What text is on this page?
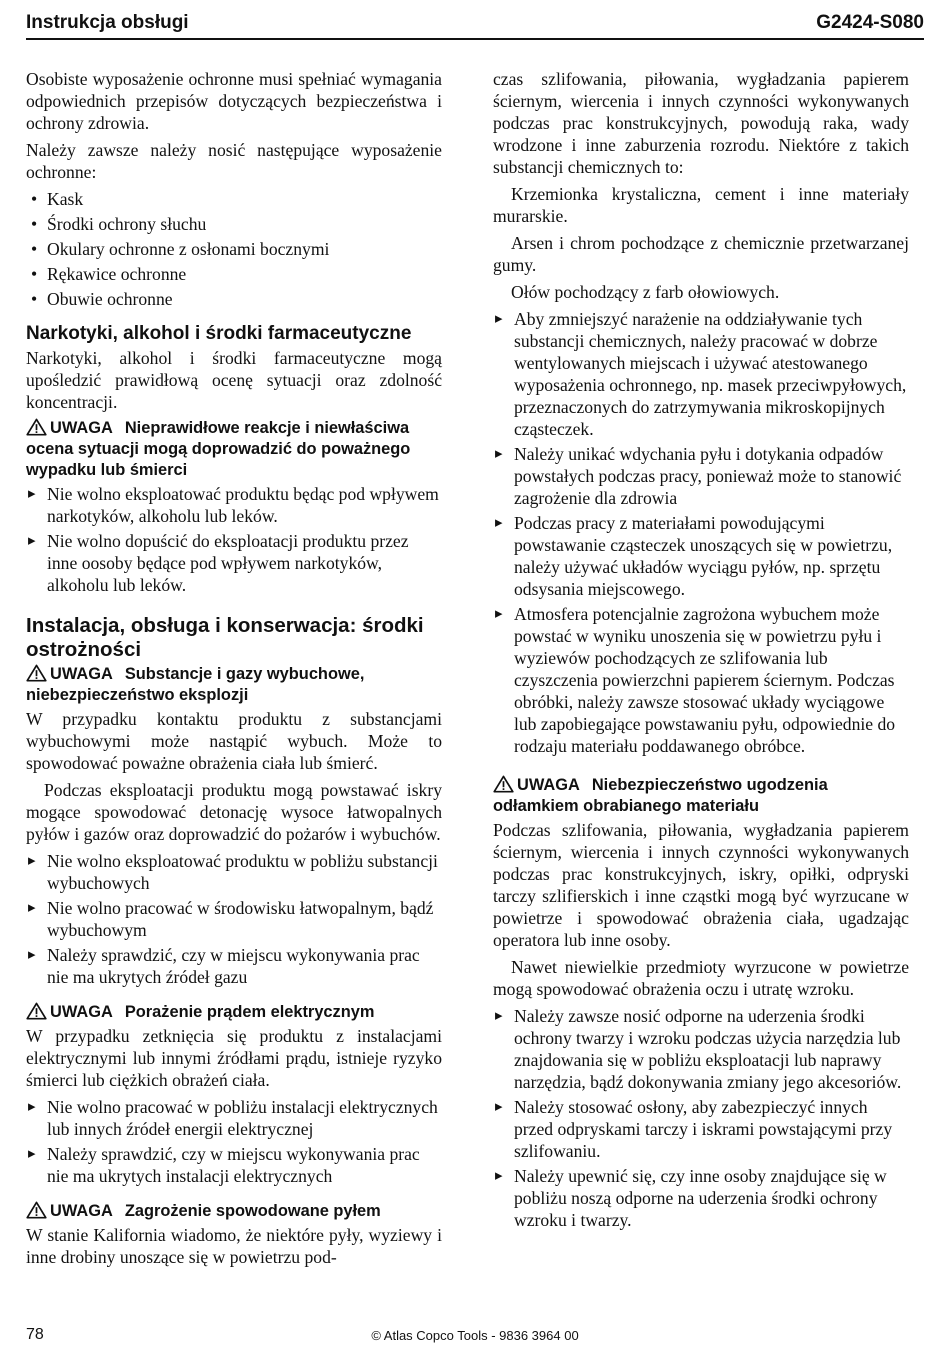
Instrukcja obsługi	G2424-S080

Osobiste wyposażenie ochronne musi spełniać wymagania odpowiednich przepisów dotyczących bezpieczeństwa i ochrony zdrowia.

Należy zawsze należy nosić następujące wyposażenie ochronne:

• Kask
• Środki ochrony słuchu
• Okulary ochronne z osłonami bocznymi
• Rękawice ochronne
• Obuwie ochronne
Narkotyki, alkohol i środki farmaceutyczne

Narkotyki, alkohol i środki farmaceutyczne mogą upośledzić prawidłową ocenę sytuacji oraz zdolność koncentracji.

UWAGA Nieprawidłowe reakcje i niewłaściwa ocena sytuacji mogą doprowadzić do poważnego wypadku lub śmierci
▸ Nie wolno eksploatować produktu będąc pod wpływem narkotyków, alkoholu lub leków.
▸ Nie wolno dopuścić do eksploatacji produktu przez inne oosoby będące pod wpływem narkotyków, alkoholu lub leków.
Instalacja, obsługa i konserwacja: środki ostrożności
UWAGA Substancje i gazy wybuchowe, niebezpieczeństwo eksplozji

W przypadku kontaktu produktu z substancjami wybuchowymi może nastąpić wybuch. Może to spowodować poważne obrażenia ciała lub śmierć.

Podczas eksploatacji produktu mogą powstawać iskry mogące spowodować detonację wysoce łatwopalnych pyłów i gazów oraz doprowadzić do pożarów i wybuchów.

▸ Nie wolno eksploatować produktu w pobliżu substancji wybuchowych
▸ Nie wolno pracować w środowisku łatwopalnym, bądź wybuchowym
▸ Należy sprawdzić, czy w miejscu wykonywania prac nie ma ukrytych źródeł gazu
UWAGA Porażenie prądem elektrycznym

W przypadku zetknięcia się produktu z instalacjami elektrycznymi lub innymi źródłami prądu, istnieje ryzyko śmierci lub ciężkich obrażeń ciała.

▸ Nie wolno pracować w pobliżu instalacji elektrycznych lub innych źródeł energii elektrycznej
▸ Należy sprawdzić, czy w miejscu wykonywania prac nie ma ukrytych instalacji elektrycznych
UWAGA Zagrożenie spowodowane pyłem

W stanie Kalifornia wiadomo, że niektóre pyły, wyziewy i inne drobiny unoszące się w powietrzu pod-

czas szlifowania, piłowania, wygładzania papierem ściernym, wiercenia i innych czynności wykonywanych podczas prac konstrukcyjnych, powodują raka, wady wrodzone i inne zaburzenia rozrodu. Niektóre z takich substancji chemicznych to:

Krzemionka krystaliczna, cement i inne materiały murarskie.

Arsen i chrom pochodzące z chemicznie przetwarzanej gumy.

Ołów pochodzący z farb ołowiowych.

▸ Aby zmniejszyć narażenie na oddziaływanie tych substancji chemicznych, należy pracować w dobrze wentylowanych miejscach i używać atestowanego wyposażenia ochronnego, np. masek przeciwpyłowych, przeznaczonych do zatrzymywania mikroskopijnych cząsteczek.
▸ Należy unikać wdychania pyłu i dotykania odpadów powstałych podczas pracy, ponieważ może to stanowić zagrożenie dla zdrowia
▸ Podczas pracy z materiałami powodującymi powstawanie cząsteczek unoszących się w powietrzu, należy używać układów wyciągu pyłów, np. sprzętu odsysania miejscowego.
▸ Atmosfera potencjalnie zagrożona wybuchem może powstać w wyniku unoszenia się w powietrzu pyłu i wyziewów pochodzących ze szlifowania lub czyszczenia powierzchni papierem ściernym. Podczas obróbki, należy zawsze stosować układy wyciągowe lub zapobiegające powstawaniu pyłu, odpowiednie do rodzaju materiału poddawanego obróbce.
UWAGA Niebezpieczeństwo ugodzenia odłamkiem obrabianego materiału

Podczas szlifowania, piłowania, wygładzania papierem ściernym, wiercenia i innych czynności wykonywanych podczas prac konstrukcyjnych, iskry, opiłki, odpryski tarczy szlifierskich i inne cząstki mogą być wyrzucane w powietrze i spowodować obrażenia ciała, ugadzając operatora lub inne osoby.

Nawet niewielkie przedmioty wyrzucone w powietrze mogą spowodować obrażenia oczu i utratę wzroku.

▸ Należy zawsze nosić odporne na uderzenia środki ochrony twarzy i wzroku podczas użycia narzędzia lub znajdowania się w pobliżu eksploatacji lub naprawy narzędzia, bądź dokonywania zmiany jego akcesoriów.
▸ Należy stosować osłony, aby zabezpieczyć innych przed odpryskami tarczy i iskrami powstającymi przy szlifowaniu.
▸ Należy upewnić się, czy inne osoby znajdujące się w pobliżu noszą odporne na uderzenia środki ochrony wzroku i twarzy.
78	© Atlas Copco Tools - 9836 3964 00
